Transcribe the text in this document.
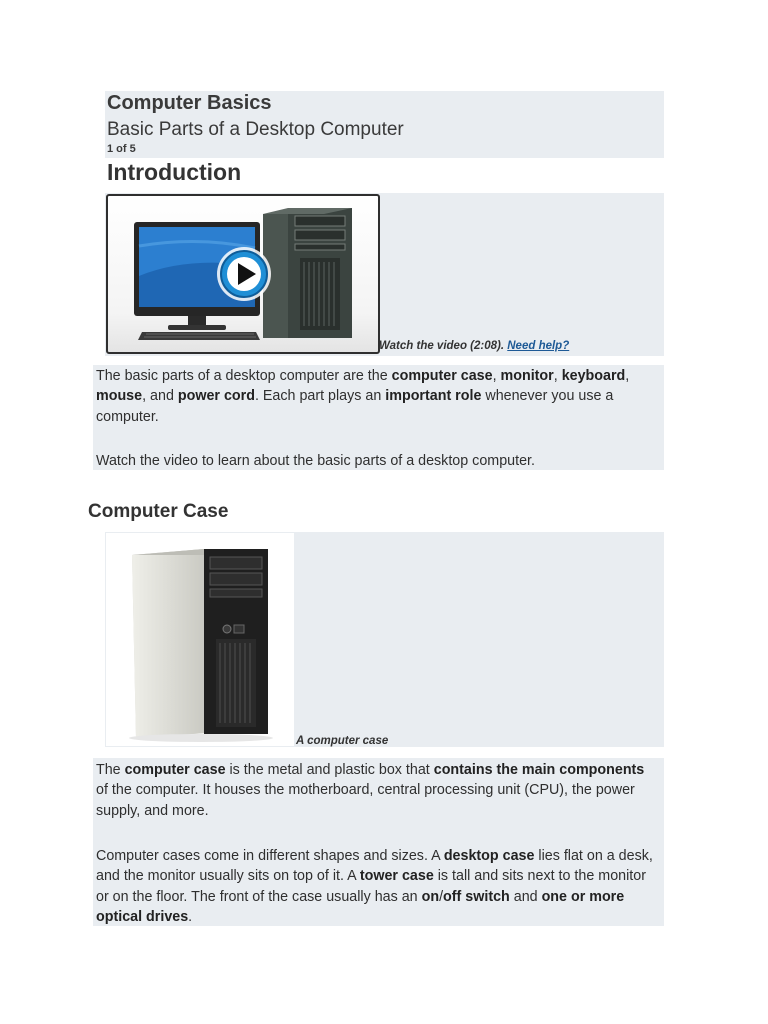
Computer Basics
Basic Parts of a Desktop Computer
1 of 5
Introduction
Watch the video (2:08). Need help?
The basic parts of a desktop computer are the computer case, monitor, keyboard, mouse, and power cord. Each part plays an important role whenever you use a computer.
Watch the video to learn about the basic parts of a desktop computer.
Computer Case
A computer case
The computer case is the metal and plastic box that contains the main components of the computer. It houses the motherboard, central processing unit (CPU), the power supply, and more.
Computer cases come in different shapes and sizes. A desktop case lies flat on a desk, and the monitor usually sits on top of it. A tower case is tall and sits next to the monitor or on the floor. The front of the case usually has an on/off switch and one or more optical drives.
